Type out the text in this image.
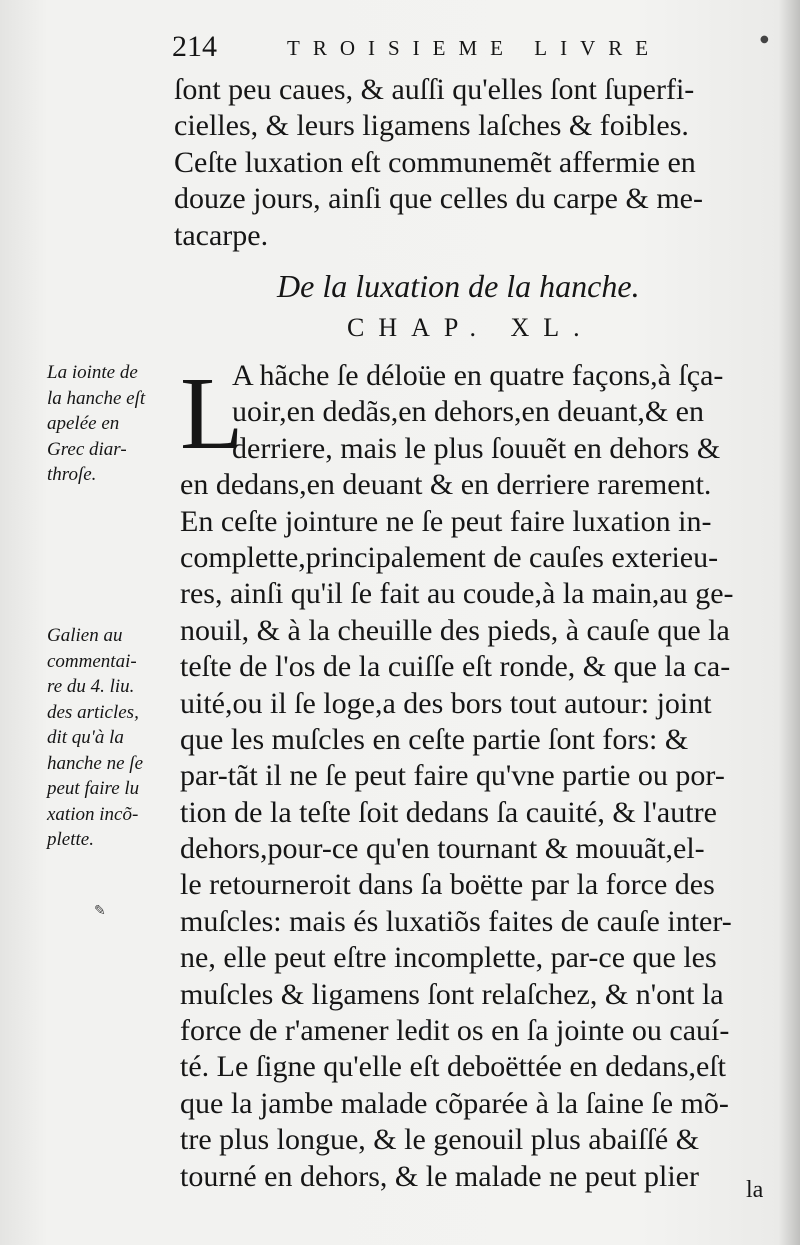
214	TROISIEME LIVRE
ſont peu caues, & auſſi qu'elles ſont ſuperfi-
cielles, & leurs ligamens laſches & foibles.
Ceſte luxation eſt communemẽt affermie en
douze jours, ainſi que celles du carpe & me-
tacarpe.
De la luxation de la hanche.
CHAP. XL.
L
A hãche ſe déloüe en quatre façons,à ſça-
uoir,en dedãs,en dehors,en deuant,& en
derriere, mais le plus ſouuẽt en dehors &
en dedans,en deuant & en derriere rarement.
En ceſte jointure ne ſe peut faire luxation in-
complette,principalement de cauſes exterieu-
res, ainſi qu'il ſe fait au coude,à la main,au ge-
nouil, & à la cheuille des pieds, à cauſe que la
teſte de l'os de la cuiſſe eſt ronde, & que la ca-
uité,ou il ſe loge,a des bors tout autour: joint
que les muſcles en ceſte partie ſont fors: &
par-tãt il ne ſe peut faire qu'vne partie ou por-
tion de la teſte ſoit dedans ſa cauité, & l'autre
dehors,pour-ce qu'en tournant & mouuãt,el-
le retourneroit dans ſa boëtte par la force des
muſcles: mais és luxatiõs faites de cauſe inter-
ne, elle peut eſtre incomplette, par-ce que les
muſcles & ligamens ſont relaſchez, & n'ont la
force de r'amener ledit os en ſa jointe ou cauí-
té. Le ſigne qu'elle eſt deboëttée en dedans,eſt
que la jambe malade cõparée à la ſaine ſe mõ-
tre plus longue, & le genouil plus abaiſſé &
tourné en dehors, & le malade ne peut plier
La iointe de
la hanche eſt
apelée en
Grec diar-
throſe.
Galien au
commentai-
re du 4. liu.
des articles,
dit qu'à la
hanche ne ſe
peut faire lu
xation incõ-
plette.
la
✎
●
